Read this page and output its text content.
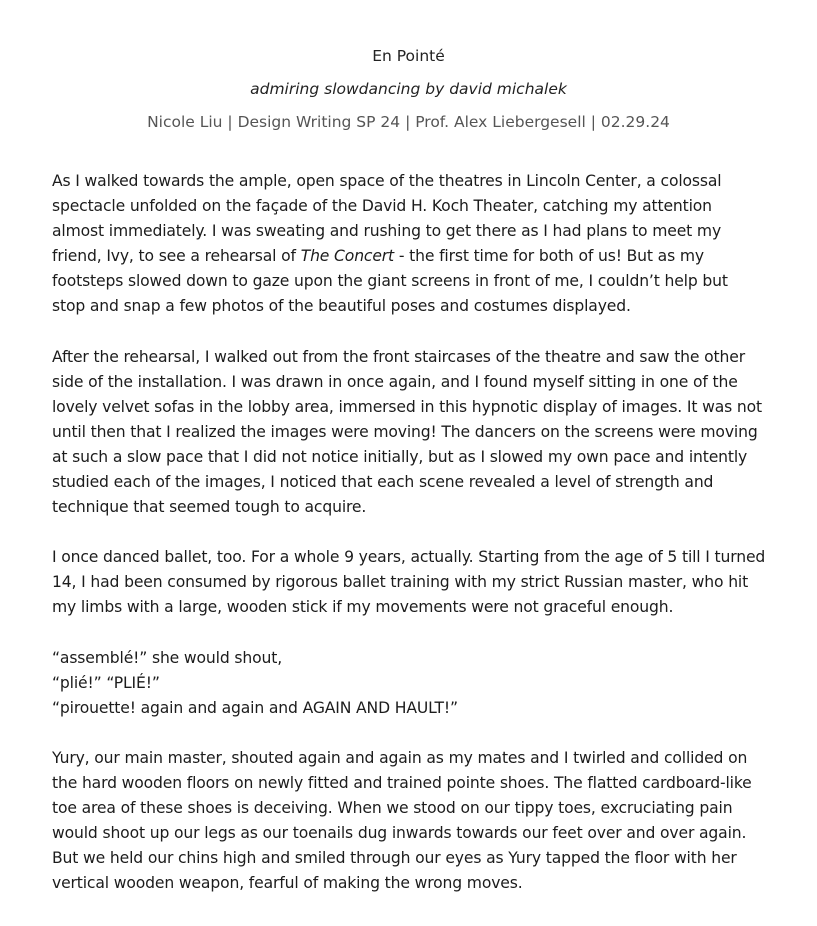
En Pointé
admiring slowdancing by david michalek
Nicole Liu | Design Writing SP 24 | Prof. Alex Liebergesell | 02.29.24

As I walked towards the ample, open space of the theatres in Lincoln Center, a colossal
spectacle unfolded on the façade of the David H. Koch Theater, catching my attention
almost immediately. I was sweating and rushing to get there as I had plans to meet my
friend, Ivy, to see a rehearsal of The Concert - the first time for both of us! But as my
footsteps slowed down to gaze upon the giant screens in front of me, I couldn’t help but
stop and snap a few photos of the beautiful poses and costumes displayed.

After the rehearsal, I walked out from the front staircases of the theatre and saw the other
side of the installation. I was drawn in once again, and I found myself sitting in one of the
lovely velvet sofas in the lobby area, immersed in this hypnotic display of images. It was not
until then that I realized the images were moving! The dancers on the screens were moving
at such a slow pace that I did not notice initially, but as I slowed my own pace and intently
studied each of the images, I noticed that each scene revealed a level of strength and
technique that seemed tough to acquire.

I once danced ballet, too. For a whole 9 years, actually. Starting from the age of 5 till I turned
14, I had been consumed by rigorous ballet training with my strict Russian master, who hit
my limbs with a large, wooden stick if my movements were not graceful enough.

“assemblé!” she would shout,
“plié!” “PLIÉ!”
“pirouette! again and again and AGAIN AND HAULT!”

Yury, our main master, shouted again and again as my mates and I twirled and collided on
the hard wooden floors on newly fitted and trained pointe shoes. The flatted cardboard-like
toe area of these shoes is deceiving. When we stood on our tippy toes, excruciating pain
would shoot up our legs as our toenails dug inwards towards our feet over and over again.
But we held our chins high and smiled through our eyes as Yury tapped the floor with her
vertical wooden weapon, fearful of making the wrong moves.
